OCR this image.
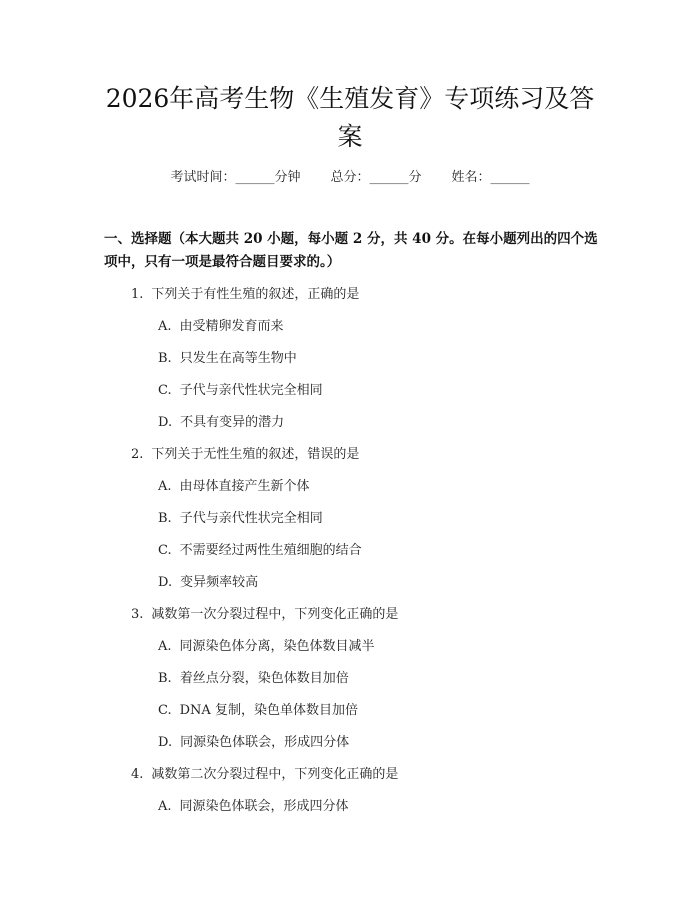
2026年高考生物《生殖发育》专项练习及答
案
考试时间：______分钟 总分：______分 姓名：______
一、选择题（本大题共 20 小题，每小题 2 分，共 40 分。在每小题列出的四个选
项中，只有一项是最符合题目要求的。）
1. 下列关于有性生殖的叙述，正确的是
A. 由受精卵发育而来
B. 只发生在高等生物中
C. 子代与亲代性状完全相同
D. 不具有变异的潜力
2. 下列关于无性生殖的叙述，错误的是
A. 由母体直接产生新个体
B. 子代与亲代性状完全相同
C. 不需要经过两性生殖细胞的结合
D. 变异频率较高
3. 减数第一次分裂过程中，下列变化正确的是
A. 同源染色体分离，染色体数目减半
B. 着丝点分裂，染色体数目加倍
C. DNA 复制，染色单体数目加倍
D. 同源染色体联会，形成四分体
4. 减数第二次分裂过程中，下列变化正确的是
A. 同源染色体联会，形成四分体
